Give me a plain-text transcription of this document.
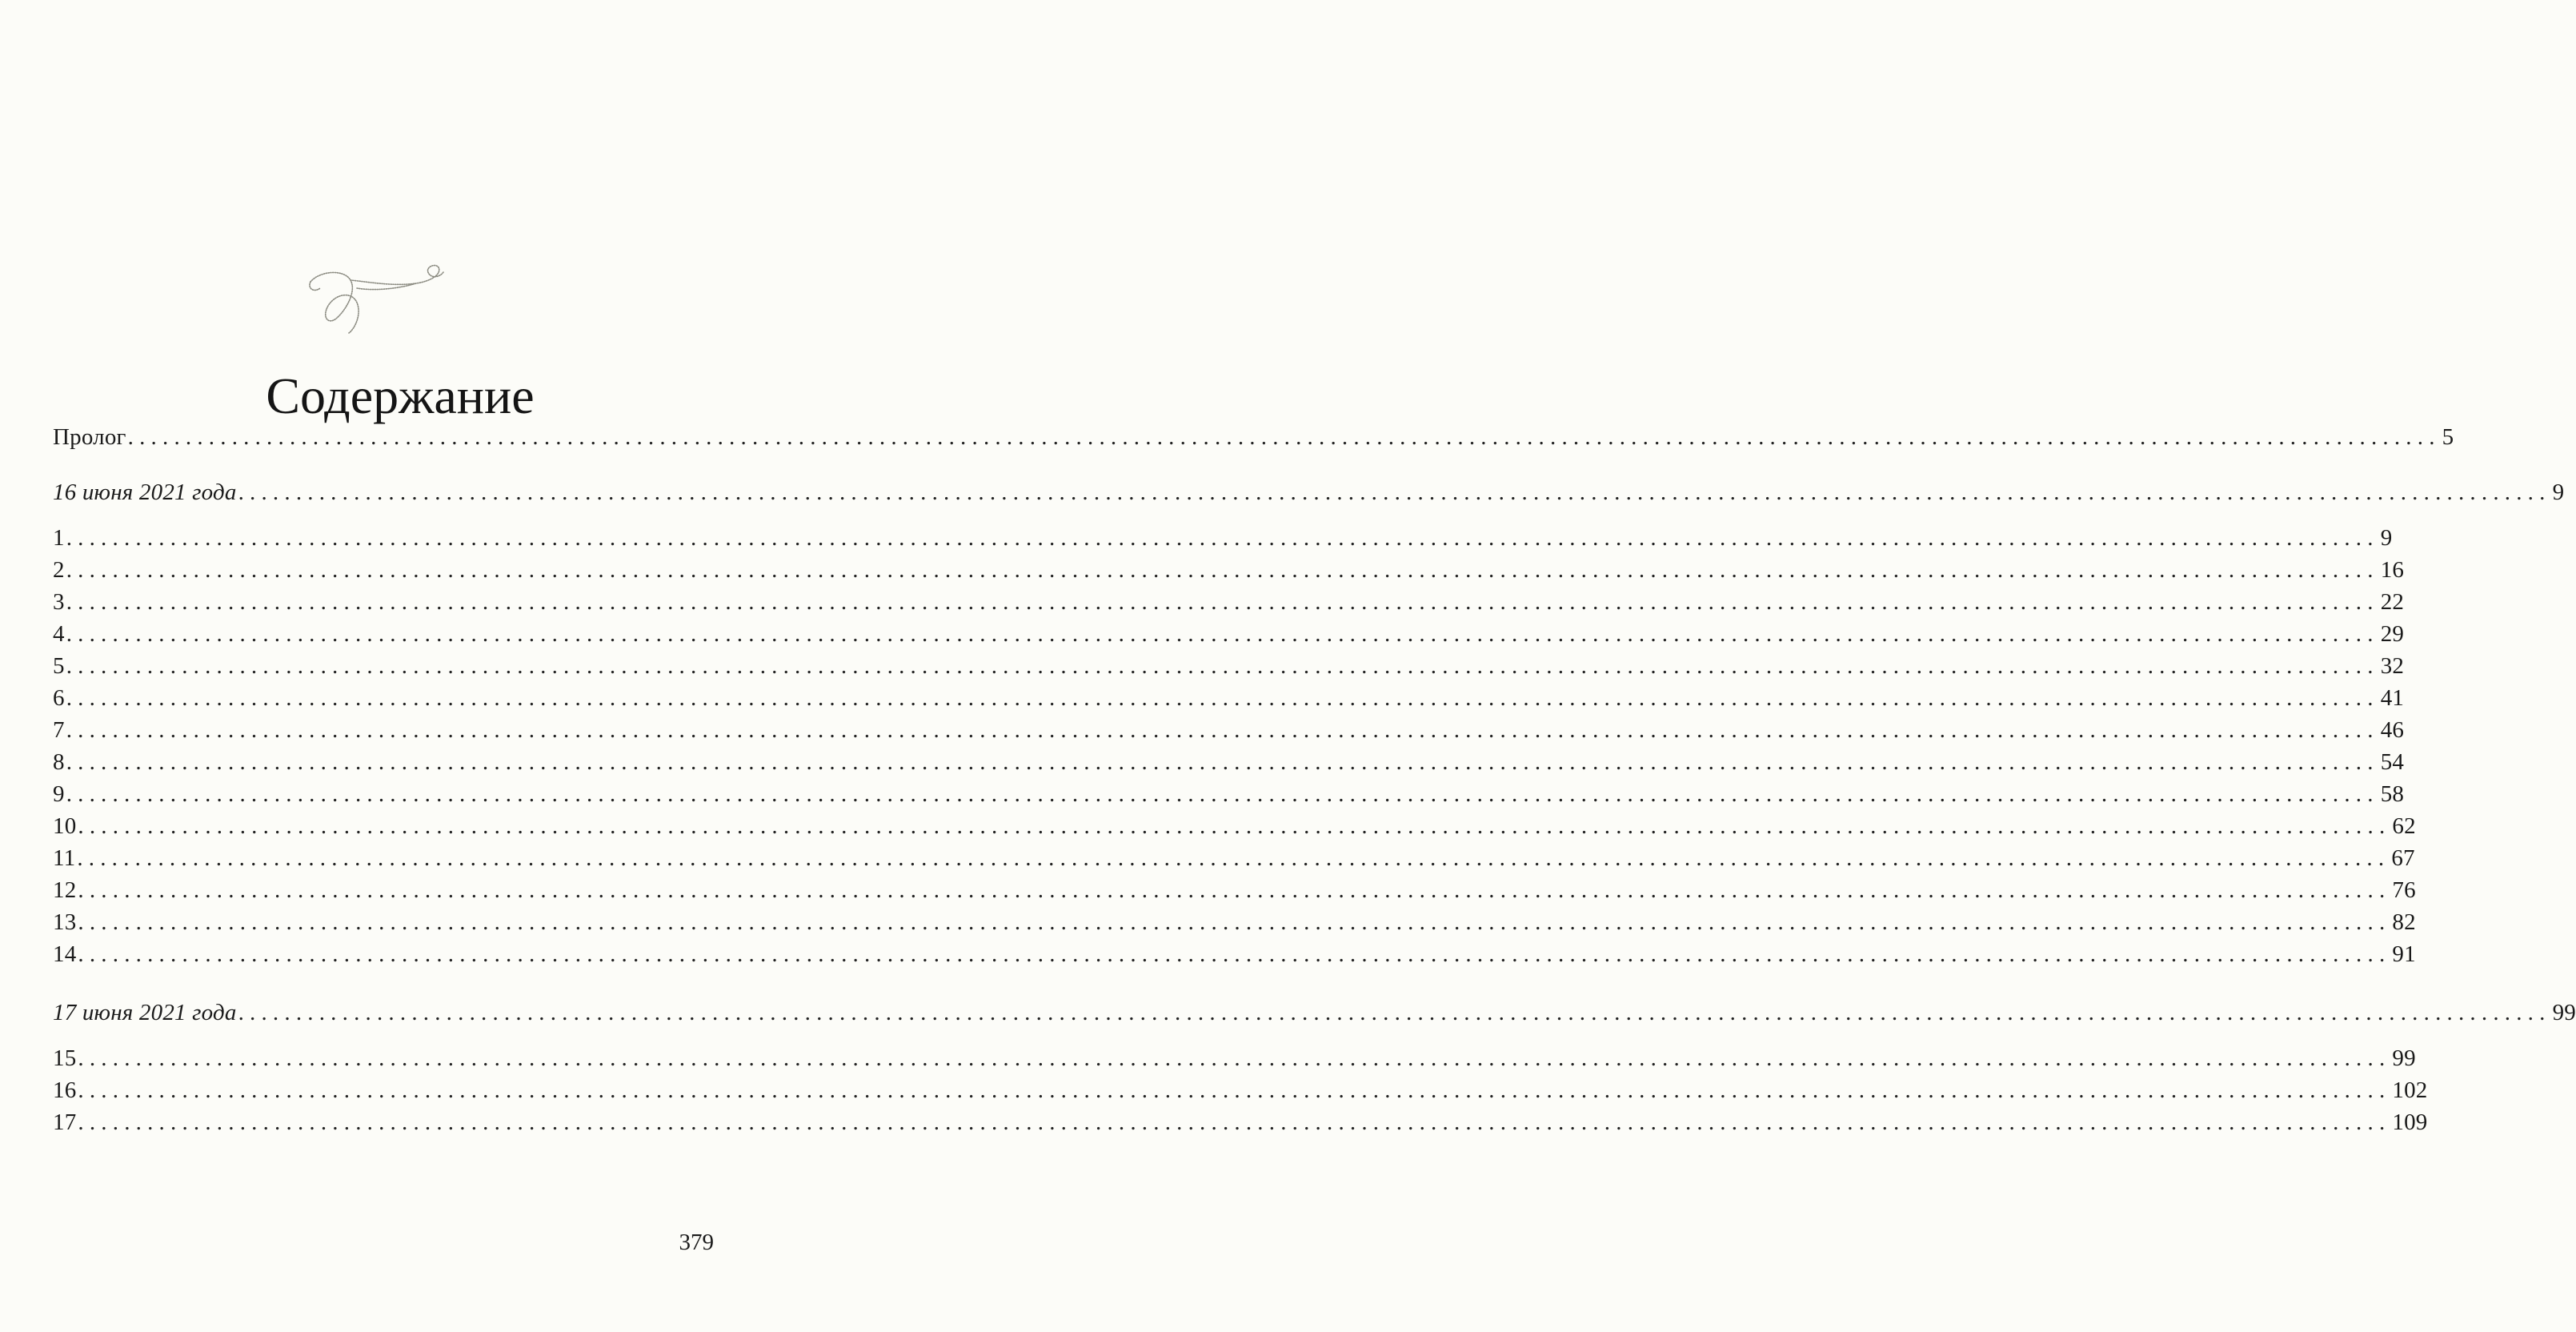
Содержание
Пролог ........................................................................................................................................................................................................ 5
16 июня 2021 года ........................................................................................................................................................................................................ 9
1 ........................................................................................................................................................................................................ 9
2 ........................................................................................................................................................................................................ 16
3 ........................................................................................................................................................................................................ 22
4 ........................................................................................................................................................................................................ 29
5 ........................................................................................................................................................................................................ 32
6 ........................................................................................................................................................................................................ 41
7 ........................................................................................................................................................................................................ 46
8 ........................................................................................................................................................................................................ 54
9 ........................................................................................................................................................................................................ 58
10 ........................................................................................................................................................................................................ 62
11 ........................................................................................................................................................................................................ 67
12 ........................................................................................................................................................................................................ 76
13 ........................................................................................................................................................................................................ 82
14 ........................................................................................................................................................................................................ 91
17 июня 2021 года ........................................................................................................................................................................................................ 99
15 ........................................................................................................................................................................................................ 99
16 ........................................................................................................................................................................................................ 102
17 ........................................................................................................................................................................................................ 109
379
